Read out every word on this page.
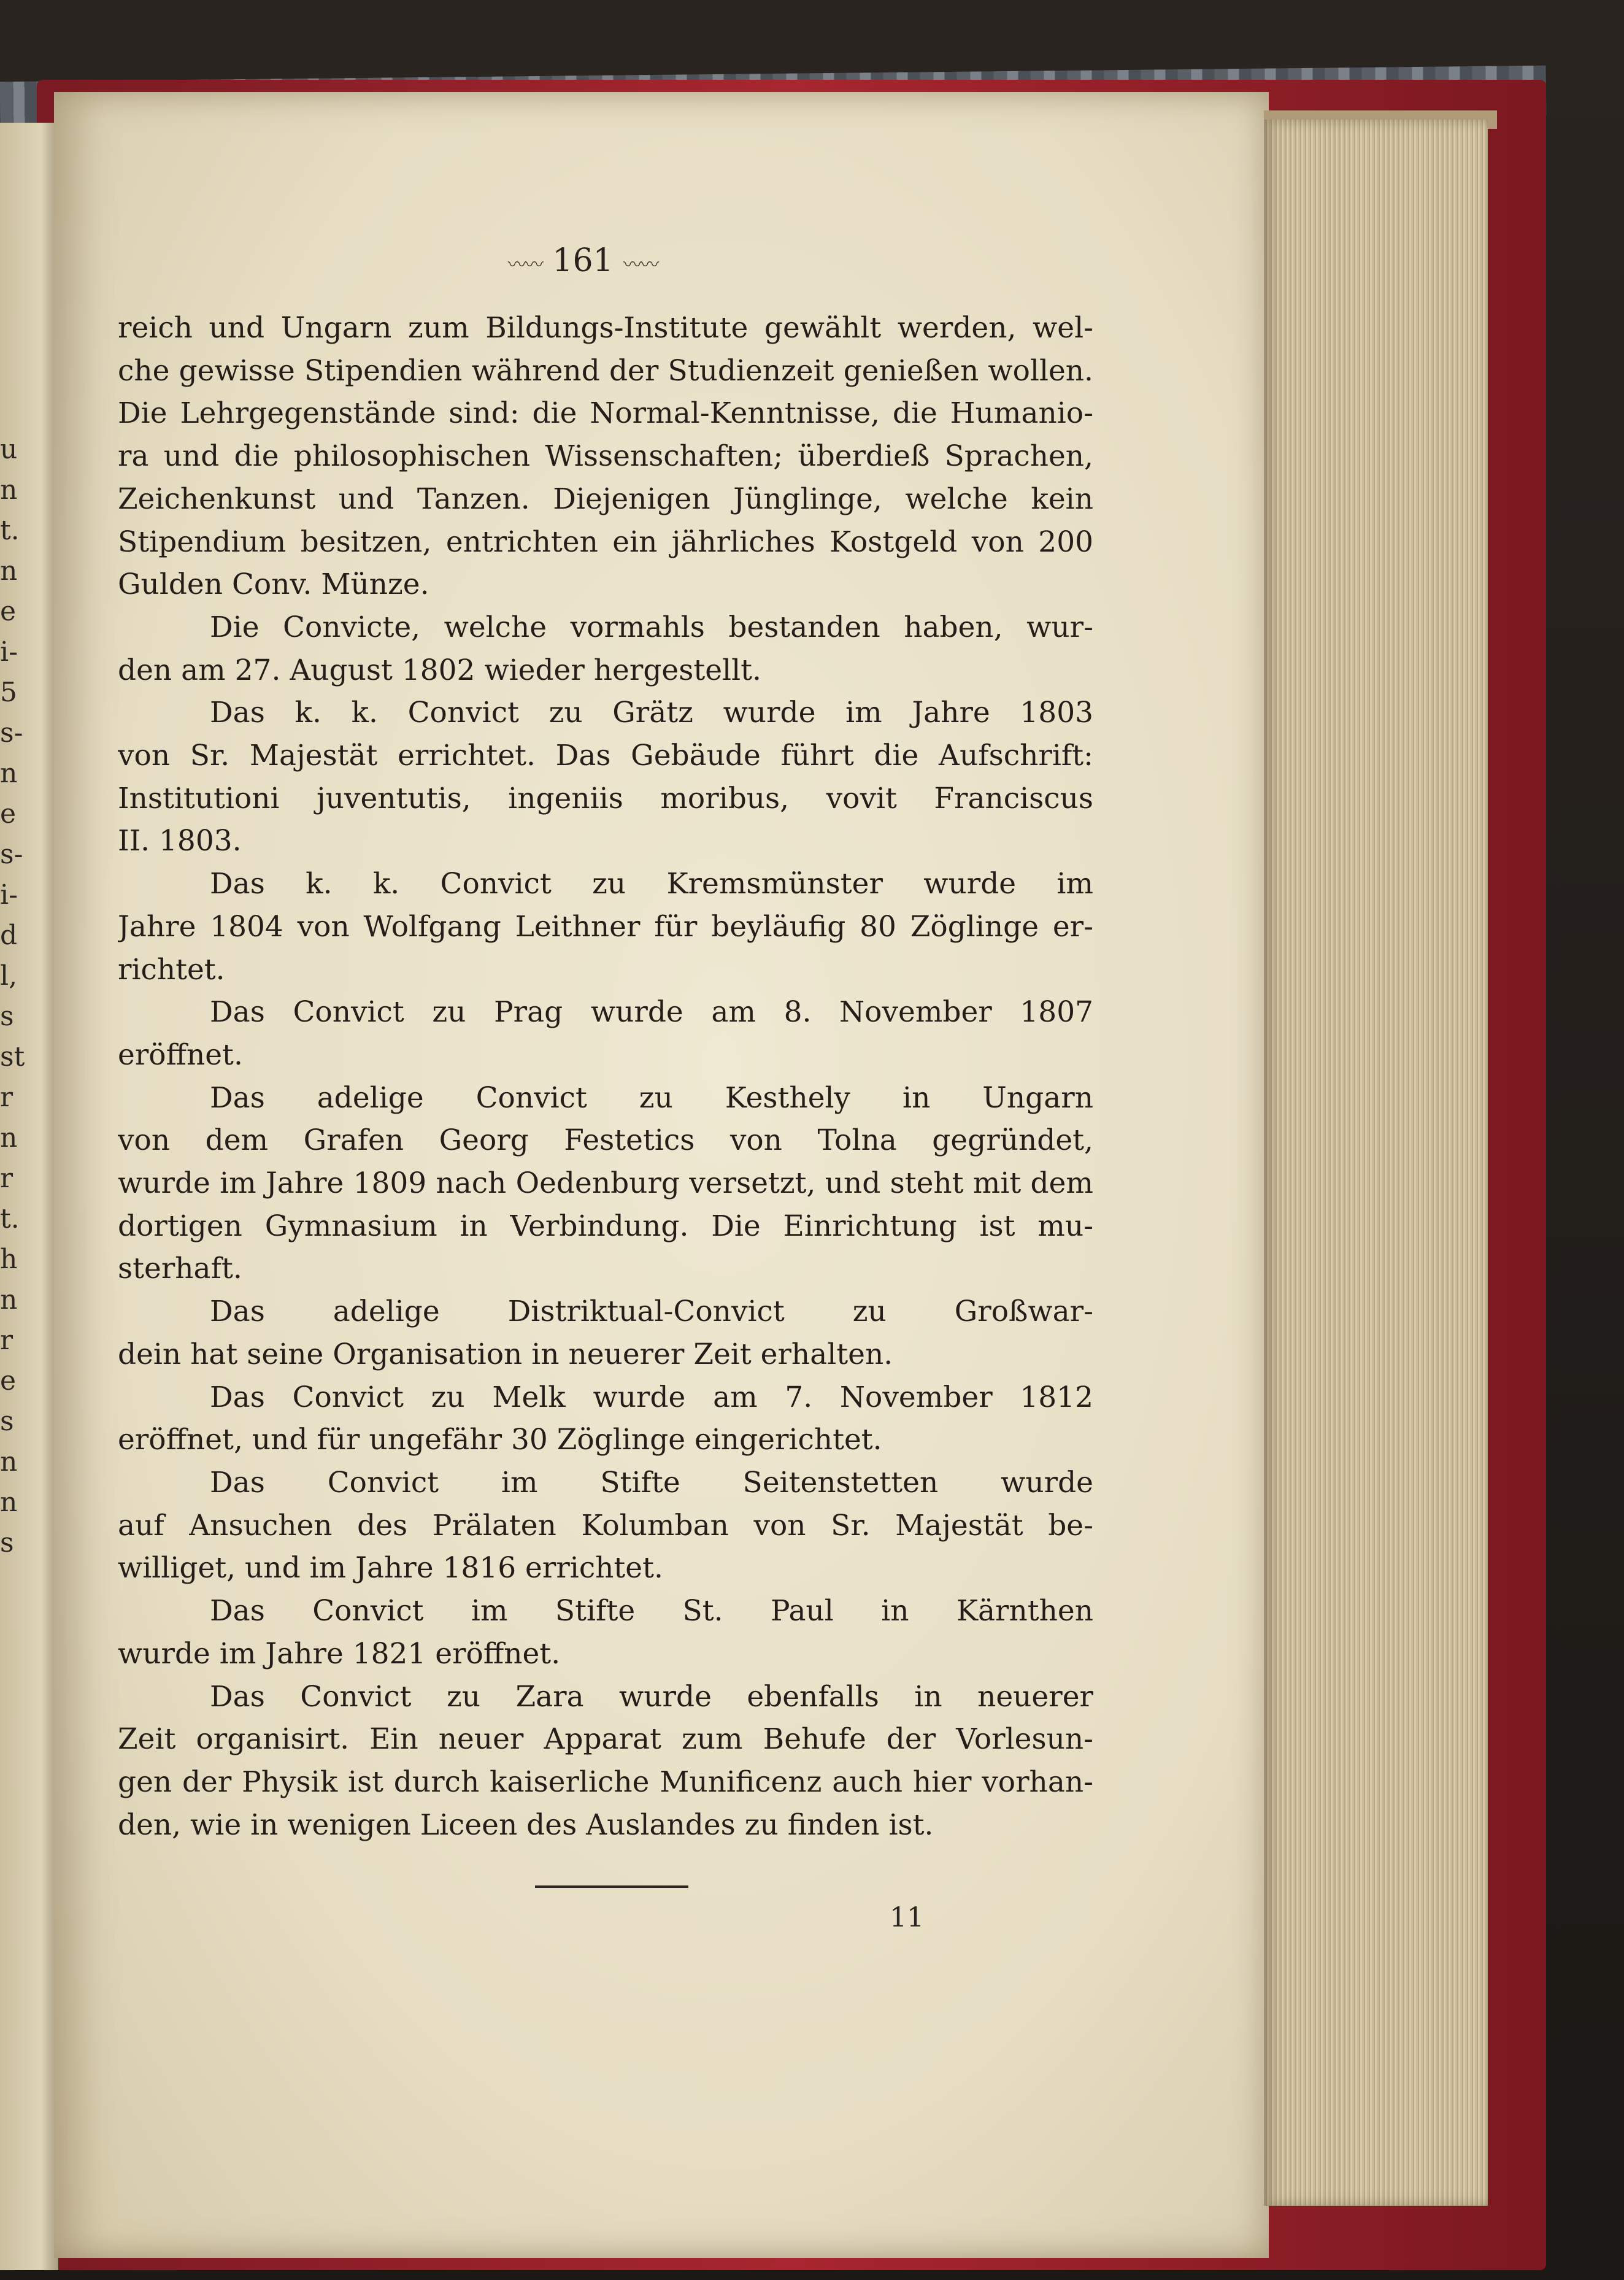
u
n
t.
n
e
i-
5
s-
n
e
s-
i-
d
l,
s
st
r
n
r
t.
h
n
r
e
s
n
n
s
〰〰 161 〰〰
reich und Ungarn zum Bildungs-Institute gewählt werden, wel-
che gewisse Stipendien während der Studienzeit genießen wollen.
Die Lehrgegenstände sind: die Normal-Kenntnisse, die Humanio-
ra und die philosophischen Wissenschaften; überdieß Sprachen,
Zeichenkunst und Tanzen. Diejenigen Jünglinge, welche kein
Stipendium besitzen, entrichten ein jährliches Kostgeld von 200
Gulden Conv. Münze.
Die Convicte, welche vormahls bestanden haben, wur-
den am 27. August 1802 wieder hergestellt.
Das k. k. Convict zu Grätz wurde im Jahre 1803
von Sr. Majestät errichtet. Das Gebäude führt die Aufschrift:
Institutioni juventutis, ingeniis moribus, vovit Franciscus
II. 1803.
Das k. k. Convict zu Kremsmünster wurde im
Jahre 1804 von Wolfgang Leithner für beyläufig 80 Zöglinge er-
richtet.
Das Convict zu Prag wurde am 8. November 1807
eröffnet.
Das adelige Convict zu Kesthely in Ungarn
von dem Grafen Georg Festetics von Tolna gegründet,
wurde im Jahre 1809 nach Oedenburg versetzt, und steht mit dem
dortigen Gymnasium in Verbindung. Die Einrichtung ist mu-
sterhaft.
Das adelige Distriktual-Convict zu Großwar-
dein hat seine Organisation in neuerer Zeit erhalten.
Das Convict zu Melk wurde am 7. November 1812
eröffnet, und für ungefähr 30 Zöglinge eingerichtet.
Das Convict im Stifte Seitenstetten wurde
auf Ansuchen des Prälaten Kolumban von Sr. Majestät be-
williget, und im Jahre 1816 errichtet.
Das Convict im Stifte St. Paul in Kärnthen
wurde im Jahre 1821 eröffnet.
Das Convict zu Zara wurde ebenfalls in neuerer
Zeit organisirt. Ein neuer Apparat zum Behufe der Vorlesun-
gen der Physik ist durch kaiserliche Munificenz auch hier vorhan-
den, wie in wenigen Liceen des Auslandes zu finden ist.
11
